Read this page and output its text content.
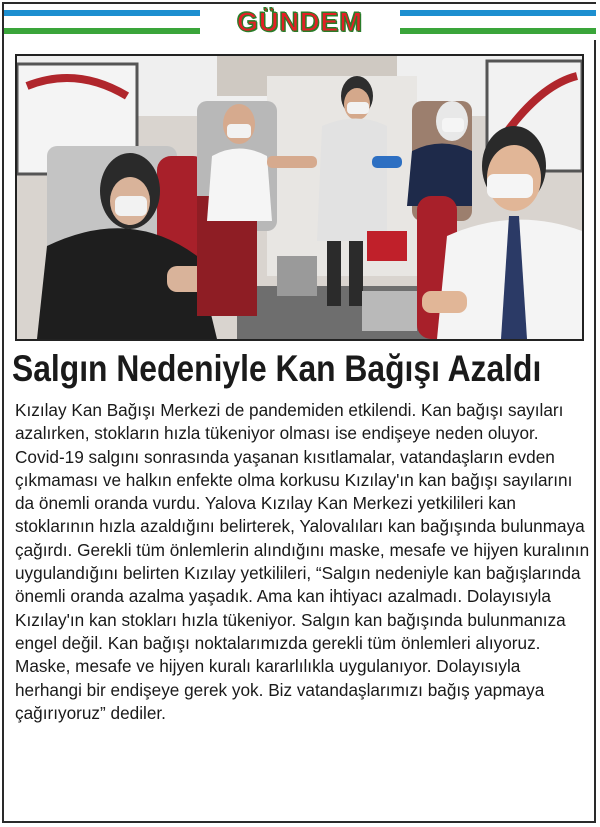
GÜNDEM
Salgın Nedeniyle Kan Bağışı Azaldı

Kızılay Kan Bağışı Merkezi de pandemiden etkilendi. Kan bağışı sayıları azalırken, stokların hızla tükeniyor olması ise endişeye neden oluyor.

Covid-19 salgını sonrasında yaşanan kısıtlamalar, vatandaşların evden çıkmaması ve halkın enfekte olma korkusu Kızılay'ın kan bağışı sayılarını da önemli oranda vurdu. Yalova Kızılay Kan Merkezi yetkilileri kan stoklarının hızla azaldığını belirterek, Yalovalıları kan bağışında bulunmaya çağırdı. Gerekli tüm önlemlerin alındığını maske, mesafe ve hijyen kuralının uygulandığını belirten Kızılay yetkilileri, “Salgın nedeniyle kan bağışlarında önemli oranda azalma yaşadık. Ama kan ihtiyacı azalmadı. Dolayısıyla Kızılay'ın kan stokları hızla tükeniyor. Salgın kan bağışında bulunmanıza engel değil. Kan bağışı noktalarımızda gerekli tüm önlemleri alıyoruz. Maske, mesafe ve hijyen kuralı kararlılıkla uygulanıyor. Dolayısıyla herhangi bir endişeye gerek yok. Biz vatandaşlarımızı bağış yapmaya çağırıyoruz” dediler.
